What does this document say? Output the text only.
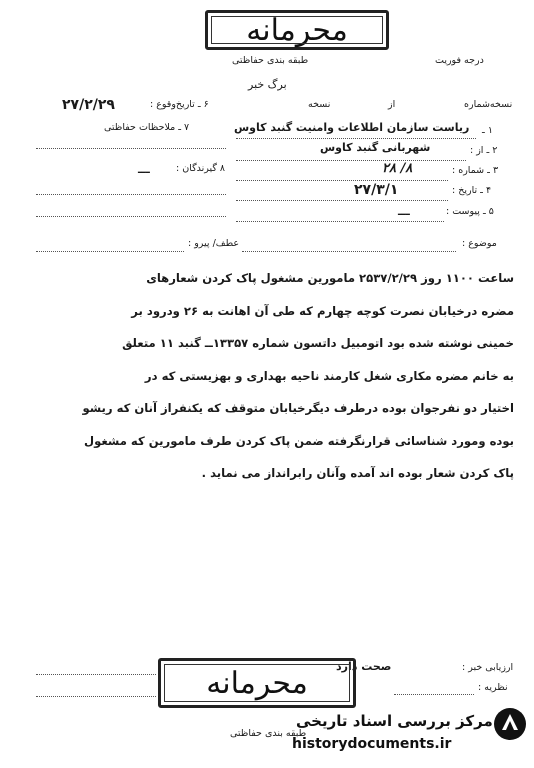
محرمانه
طبقه بندی حفاظتی	درجه فوریت
برگ خبر
نسخه‌شماره
از
نسخه
۶ ـ تاریخ‌وقوع :
۲۷/۲/۲۹
۱ ـ
ریاست سازمان اطلاعات وامنیت گنبد کاوس
۷ ـ ملاحظات حفاظتی
۲ ـ از :
شهربانی گنبد کاوس
۸ گیرندگان :
ـــ	۳ ـ شماره :
۸/ ۲۸
۴ ـ تاریخ :
۲۷/۳/۱
۵ ـ پیوست :
ـــ
موضوع :
عطف/ پیرو :

ساعت ۱۱۰۰ روز ۲۵۳۷/۲/۲۹ مامورین مشغول پاک کردن شعارهای

مضره درخیابان نصرت کوچه چهارم که طی آن اهانت به ۲۶ ودرود بر

خمینی نوشته شده بود اتومبیل داتسون شماره ۱۳۳۵۷ــ گنبد ۱۱ متعلق

به خانم مضره مکاری شغل کارمند ناحیه بهداری و بهزیستی که در

اختیار دو نفرجوان بوده درطرف دیگرخیابان متوقف که یکنفراز آنان که ریشو

بوده ومورد شناسائی قرارنگرفته ضمن پاک کردن طرف مامورین که مشغول

پاک کردن شعار بوده اند آمده وآنان رابرانداز می نماید .

ارزیابی خبر :
صحت دارد
نظریه :
محرمانه
طبقه بندی حفاظتی
مرکز بررسی اسناد تاریخی
historydocuments.ir
